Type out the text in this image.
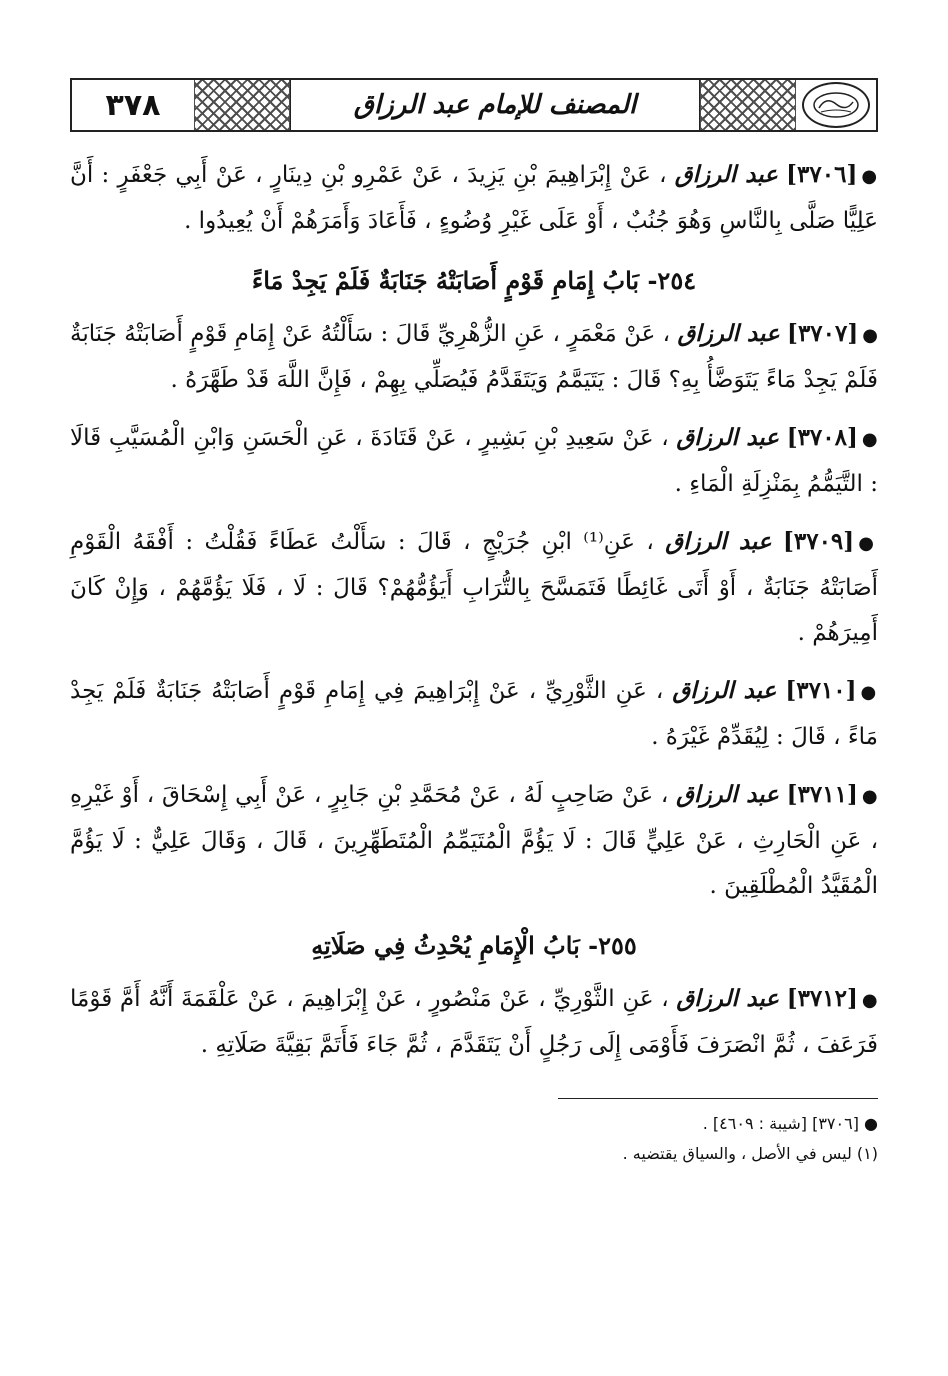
المصنف للإمام عبد الرزاق
٣٧٨

●[٣٧٠٦] عبد الرزاق ، عَنْ إِبْرَاهِيمَ بْنِ يَزِيدَ ، عَنْ عَمْرِو بْنِ دِينَارٍ ، عَنْ أَبِي جَعْفَرٍ : أَنَّ عَلِيًّا صَلَّى بِالنَّاسِ وَهُوَ جُنُبٌ ، أَوْ عَلَى غَيْرِ وُضُوءٍ ، فَأَعَادَ وَأَمَرَهُمْ أَنْ يُعِيدُوا .

٢٥٤- بَابُ إِمَامِ قَوْمٍ أَصَابَتْهُ جَنَابَةٌ فَلَمْ يَجِدْ مَاءً

●[٣٧٠٧] عبد الرزاق ، عَنْ مَعْمَرٍ ، عَنِ الزُّهْرِيِّ قَالَ : سَأَلْتُهُ عَنْ إِمَامِ قَوْمٍ أَصَابَتْهُ جَنَابَةٌ فَلَمْ يَجِدْ مَاءً يَتَوَضَّأُ بِهِ؟ قَالَ : يَتَيَمَّمُ وَيَتَقَدَّمُ فَيُصَلِّي بِهِمْ ، فَإِنَّ اللَّهَ قَدْ طَهَّرَهُ .

●[٣٧٠٨] عبد الرزاق ، عَنْ سَعِيدِ بْنِ بَشِيرٍ ، عَنْ قَتَادَةَ ، عَنِ الْحَسَنِ وَابْنِ الْمُسَيَّبِ قَالَا : التَّيَمُّمُ بِمَنْزِلَةِ الْمَاءِ .

●[٣٧٠٩] عبد الرزاق ، عَنِ⁽¹⁾ ابْنِ جُرَيْجٍ ، قَالَ : سَأَلْتُ عَطَاءً فَقُلْتُ : أَفْقَهُ الْقَوْمِ أَصَابَتْهُ جَنَابَةٌ ، أَوْ أَتَى غَائِطًا فَتَمَسَّحَ بِالتُّرَابِ أَيَؤُمُّهُمْ؟ قَالَ : لَا ، فَلَا يَؤُمَّهُمْ ، وَإِنْ كَانَ أَمِيرَهُمْ .

●[٣٧١٠] عبد الرزاق ، عَنِ الثَّوْرِيِّ ، عَنْ إِبْرَاهِيمَ فِي إِمَامِ قَوْمٍ أَصَابَتْهُ جَنَابَةٌ فَلَمْ يَجِدْ مَاءً ، قَالَ : لِيُقَدِّمْ غَيْرَهُ .

●[٣٧١١] عبد الرزاق ، عَنْ صَاحِبٍ لَهُ ، عَنْ مُحَمَّدِ بْنِ جَابِرٍ ، عَنْ أَبِي إِسْحَاقَ ، أَوْ غَيْرِهِ ، عَنِ الْحَارِثِ ، عَنْ عَلِيٍّ قَالَ : لَا يَؤُمَّ الْمُتَيَمِّمُ الْمُتَطَهِّرِينَ ، قَالَ ، وَقَالَ عَلِيٌّ : لَا يَؤُمَّ الْمُقَيَّدُ الْمُطْلَقِينَ .

٢٥٥- بَابُ الْإِمَامِ يُحْدِثُ فِي صَلَاتِهِ

●[٣٧١٢] عبد الرزاق ، عَنِ الثَّوْرِيِّ ، عَنْ مَنْصُورٍ ، عَنْ إِبْرَاهِيمَ ، عَنْ عَلْقَمَةَ أَنَّهُ أَمَّ قَوْمًا فَرَعَفَ ، ثُمَّ انْصَرَفَ فَأَوْمَى إِلَى رَجُلٍ أَنْ يَتَقَدَّمَ ، ثُمَّ جَاءَ فَأَتَمَّ بَقِيَّةَ صَلَاتِهِ .

● [٣٧٠٦] [شيبة : ٤٦٠٩] .
(١) ليس في الأصل ، والسياق يقتضيه .
